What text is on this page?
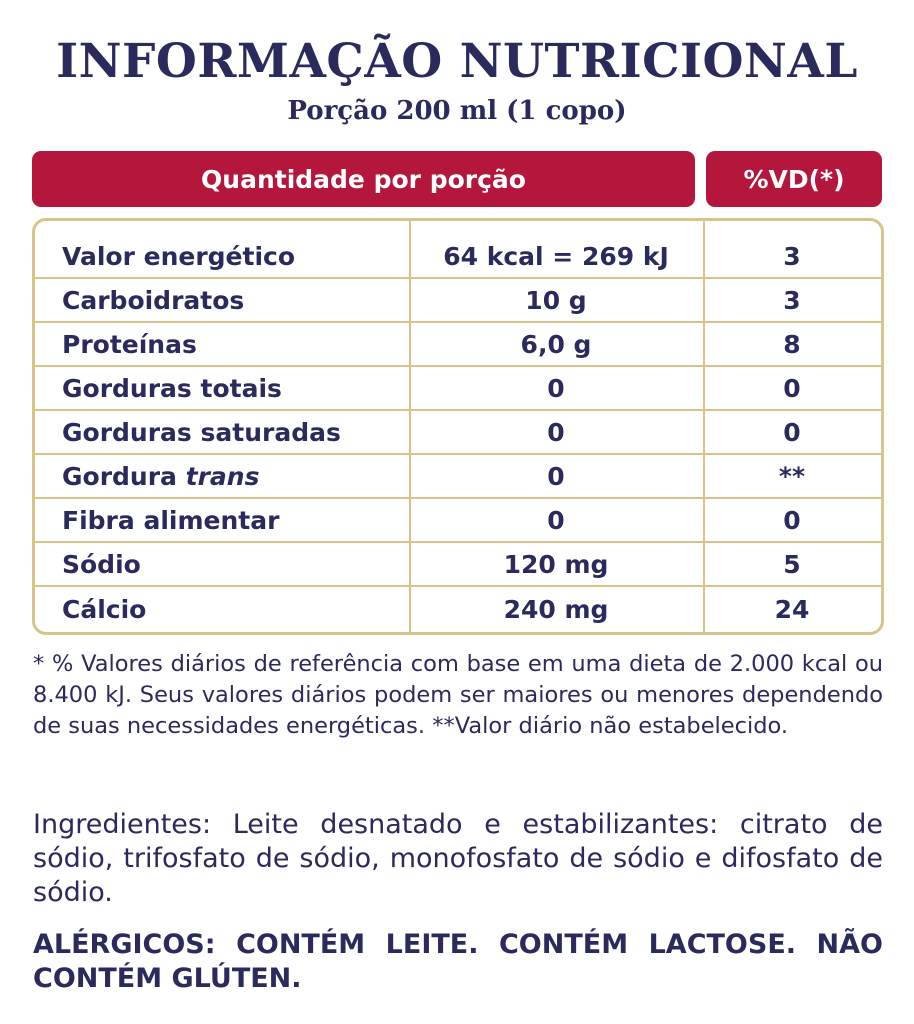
INFORMAÇÃO NUTRICIONAL
Porção 200 ml (1 copo)
Quantidade por porção	%VD(*)
Valor energético	64 kcal = 269 kJ	3
Carboidratos	10 g	3
Proteínas	6,0 g	8
Gorduras totais	0	0
Gorduras saturadas	0	0
Gordura trans	0	**
Fibra alimentar	0	0
Sódio	120 mg	5
Cálcio	240 mg	24
* % Valores diários de referência com base em uma dieta de 2.000 kcal ou 8.400 kJ. Seus valores diários podem ser maiores ou menores dependendo de suas necessidades energéticas. **Valor diário não estabelecido.
Ingredientes: Leite desnatado e estabilizantes: citrato de sódio, trifosfato de sódio, monofosfato de sódio e difosfato de sódio.
ALÉRGICOS: CONTÉM LEITE. CONTÉM LACTOSE. NÃO CONTÉM GLÚTEN.
